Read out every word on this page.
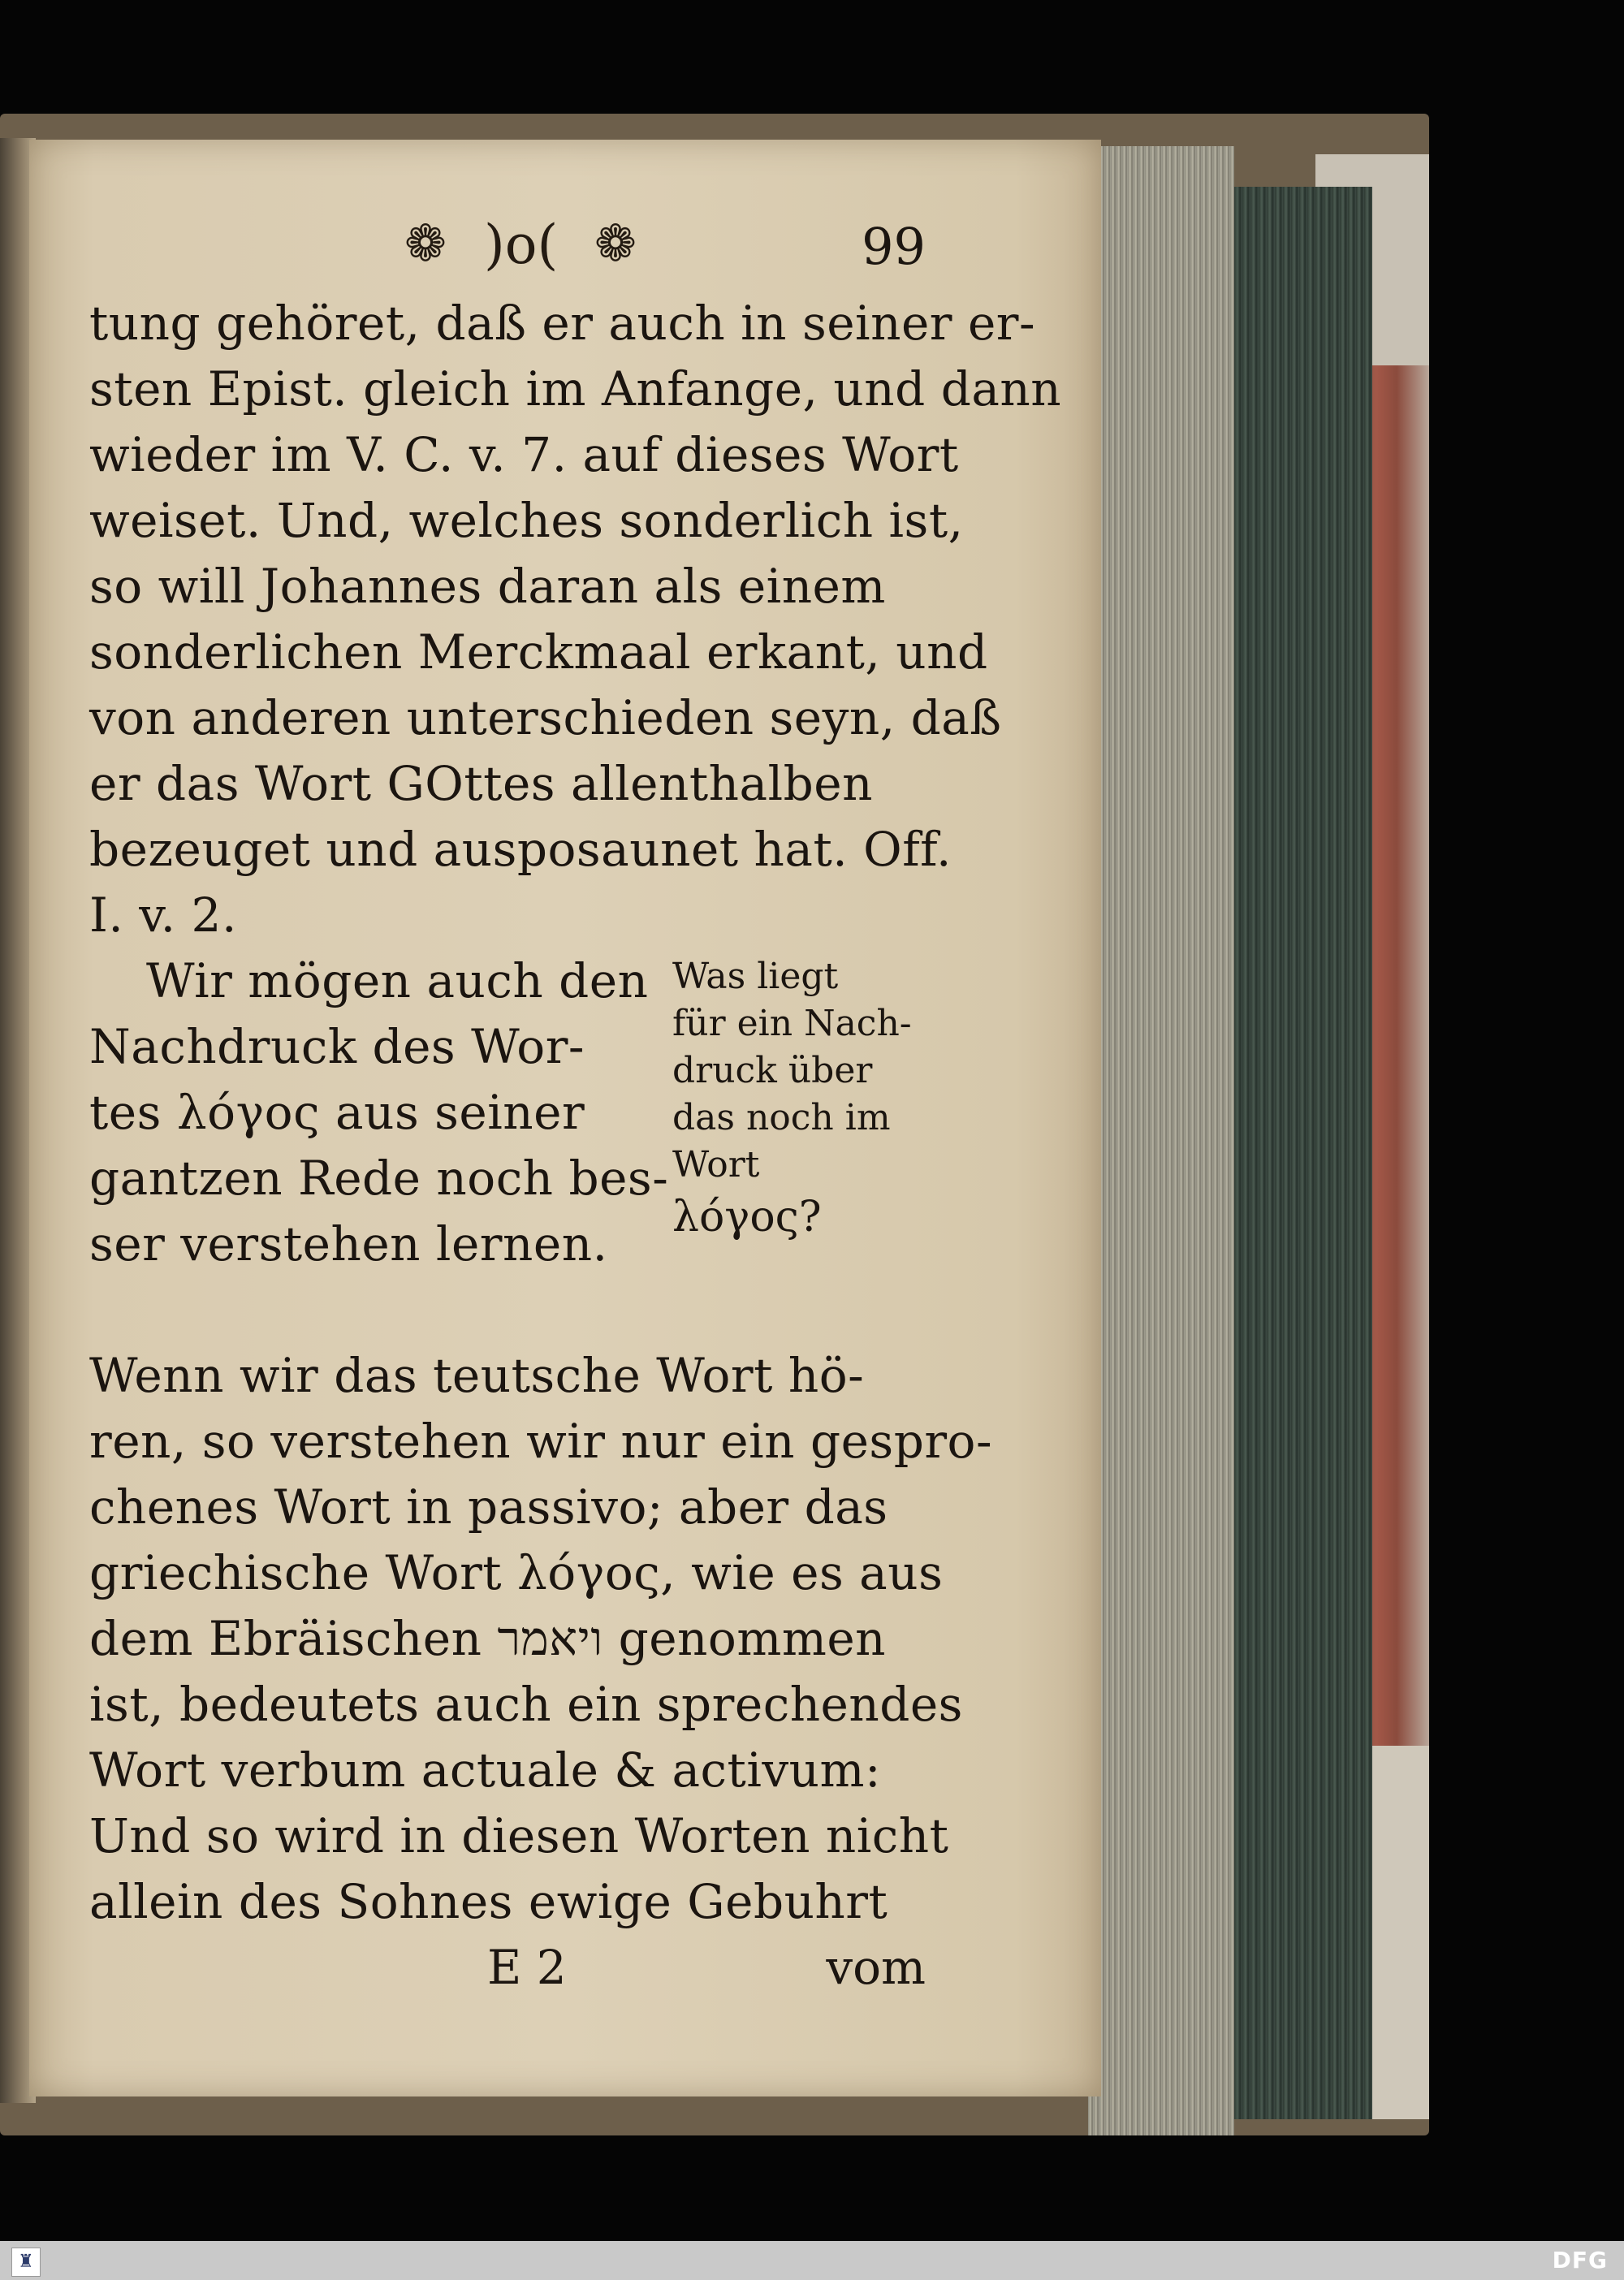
❁ )o( ❁	99
tung gehöret, daß er auch in seiner er-
sten Epist. gleich im Anfange, und dann
wieder im V. C. v. 7. auf dieses Wort
weiset. Und, welches sonderlich ist,
so will Johannes daran als einem
sonderlichen Merckmaal erkant, und
von anderen unterschieden seyn, daß
er das Wort GOttes allenthalben
bezeuget und ausposaunet hat. Off.
I. v. 2.
Wir mögen auch den
Nachdruck des Wor-
tes λόγος aus seiner
gantzen Rede noch bes-
ser verstehen lernen.
Was liegt
für ein Nach-
druck über
das noch im
Wort
λόγος?
Wenn wir das teutsche Wort hö-
ren, so verstehen wir nur ein gespro-
chenes Wort in passivo; aber das
griechische Wort λόγος, wie es aus
dem Ebräischen ויאמר genommen
ist, bedeutets auch ein sprechendes
Wort verbum actuale & activum:
Und so wird in diesen Worten nicht
allein des Sohnes ewige Gebuhrt
E 2	vom
♜	DFG
